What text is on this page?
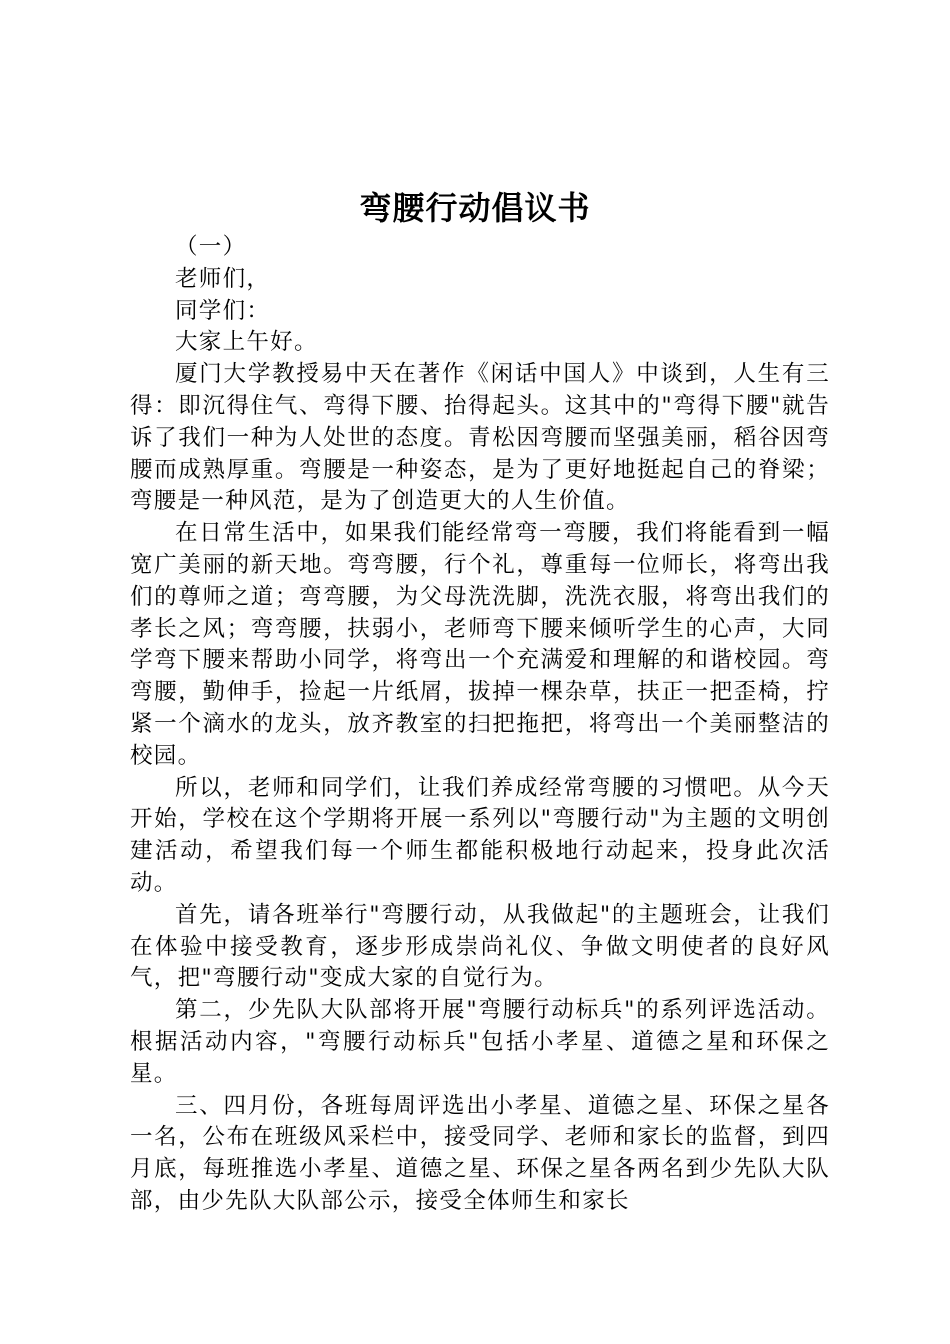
弯腰行动倡议书

（一）

老师们，

同学们：

大家上午好。

厦门大学教授易中天在著作《闲话中国人》中谈到，人生有三得：即沉得住气、弯得下腰、抬得起头。这其中的"弯得下腰"就告诉了我们一种为人处世的态度。青松因弯腰而坚强美丽，稻谷因弯腰而成熟厚重。弯腰是一种姿态，是为了更好地挺起自己的脊梁；弯腰是一种风范，是为了创造更大的人生价值。

在日常生活中，如果我们能经常弯一弯腰，我们将能看到一幅宽广美丽的新天地。弯弯腰，行个礼，尊重每一位师长，将弯出我们的尊师之道；弯弯腰，为父母洗洗脚，洗洗衣服，将弯出我们的孝长之风；弯弯腰，扶弱小，老师弯下腰来倾听学生的心声，大同学弯下腰来帮助小同学，将弯出一个充满爱和理解的和谐校园。弯弯腰，勤伸手，捡起一片纸屑，拔掉一棵杂草，扶正一把歪椅，拧紧一个滴水的龙头，放齐教室的扫把拖把，将弯出一个美丽整洁的校园。

所以，老师和同学们，让我们养成经常弯腰的习惯吧。从今天开始，学校在这个学期将开展一系列以"弯腰行动"为主题的文明创建活动，希望我们每一个师生都能积极地行动起来，投身此次活动。

首先，请各班举行"弯腰行动，从我做起"的主题班会，让我们在体验中接受教育，逐步形成崇尚礼仪、争做文明使者的良好风气，把"弯腰行动"变成大家的自觉行为。

第二，少先队大队部将开展"弯腰行动标兵"的系列评选活动。根据活动内容，"弯腰行动标兵"包括小孝星、道德之星和环保之星。

三、四月份，各班每周评选出小孝星、道德之星、环保之星各一名，公布在班级风采栏中，接受同学、老师和家长的监督，到四月底，每班推选小孝星、道德之星、环保之星各两名到少先队大队部，由少先队大队部公示，接受全体师生和家长
